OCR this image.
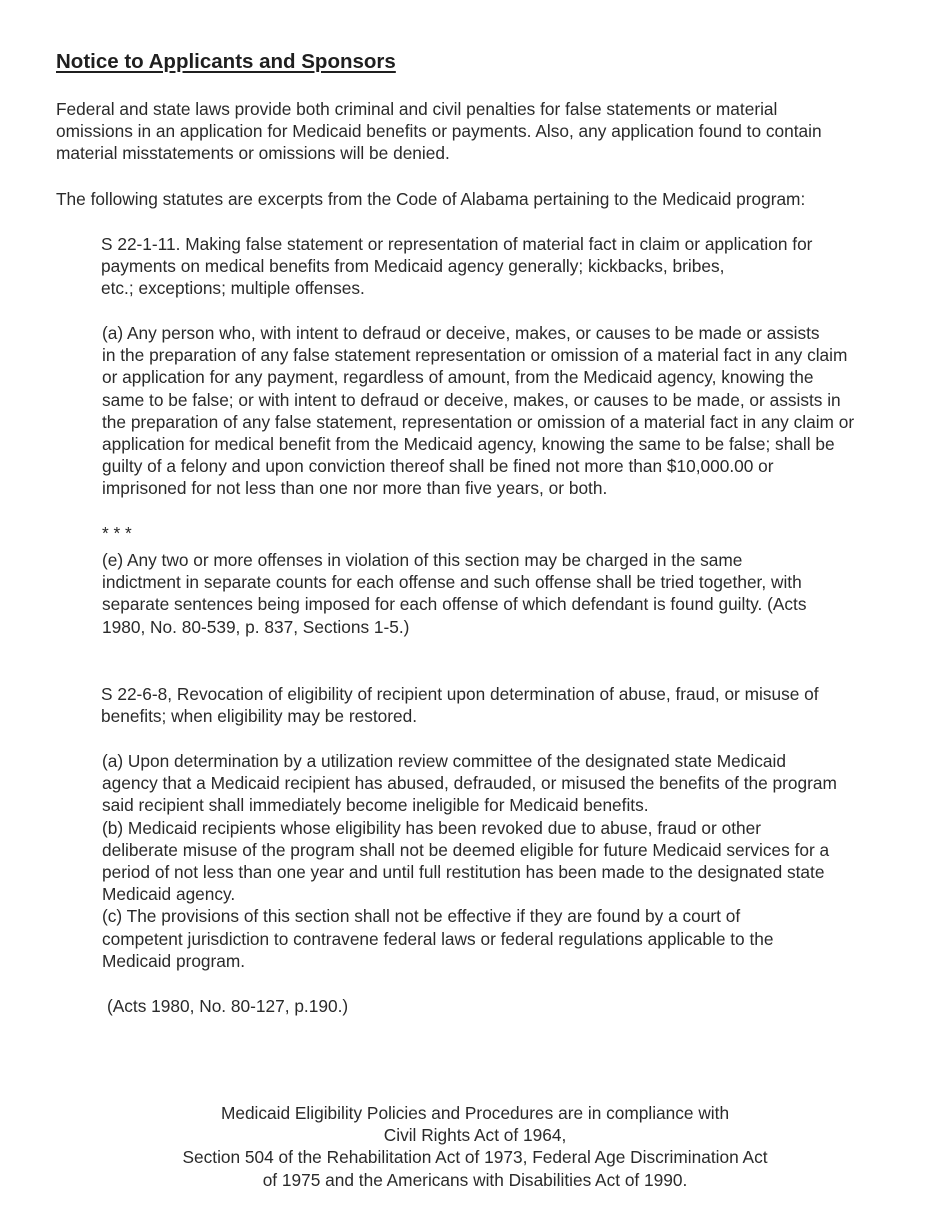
Notice to Applicants and Sponsors

Federal and state laws provide both criminal and civil penalties for false statements or material
omissions in an application for Medicaid benefits or payments. Also, any application found to contain
material misstatements or omissions will be denied.

The following statutes are excerpts from the Code of Alabama pertaining to the Medicaid program:

S 22-1-11. Making false statement or representation of material fact in claim or application for
payments on medical benefits from Medicaid agency generally; kickbacks, bribes,
etc.; exceptions; multiple offenses.

(a) Any person who, with intent to defraud or deceive, makes, or causes to be made or assists
in the preparation of any false statement representation or omission of a material fact in any claim
or application for any payment, regardless of amount, from the Medicaid agency, knowing the
same to be false; or with intent to defraud or deceive, makes, or causes to be made, or assists in
the preparation of any false statement, representation or omission of a material fact in any claim or
application for medical benefit from the Medicaid agency, knowing the same to be false; shall be
guilty of a felony and upon conviction thereof shall be fined not more than $10,000.00 or
imprisoned for not less than one nor more than five years, or both.

* * *

(e) Any two or more offenses in violation of this section may be charged in the same
indictment in separate counts for each offense and such offense shall be tried together, with
separate sentences being imposed for each offense of which defendant is found guilty. (Acts
1980, No. 80-539, p. 837, Sections 1-5.)

S 22-6-8, Revocation of eligibility of recipient upon determination of abuse, fraud, or misuse of
benefits; when eligibility may be restored.

(a) Upon determination by a utilization review committee of the designated state Medicaid
agency that a Medicaid recipient has abused, defrauded, or misused the benefits of the program
said recipient shall immediately become ineligible for Medicaid benefits.
(b) Medicaid recipients whose eligibility has been revoked due to abuse, fraud or other
deliberate misuse of the program shall not be deemed eligible for future Medicaid services for a
period of not less than one year and until full restitution has been made to the designated state
Medicaid agency.
(c) The provisions of this section shall not be effective if they are found by a court of
competent jurisdiction to contravene federal laws or federal regulations applicable to the
Medicaid program.

(Acts 1980, No. 80-127, p.190.)

Medicaid Eligibility Policies and Procedures are in compliance with
Civil Rights Act of 1964,
Section 504 of the Rehabilitation Act of 1973, Federal Age Discrimination Act
of 1975 and the Americans with Disabilities Act of 1990.
